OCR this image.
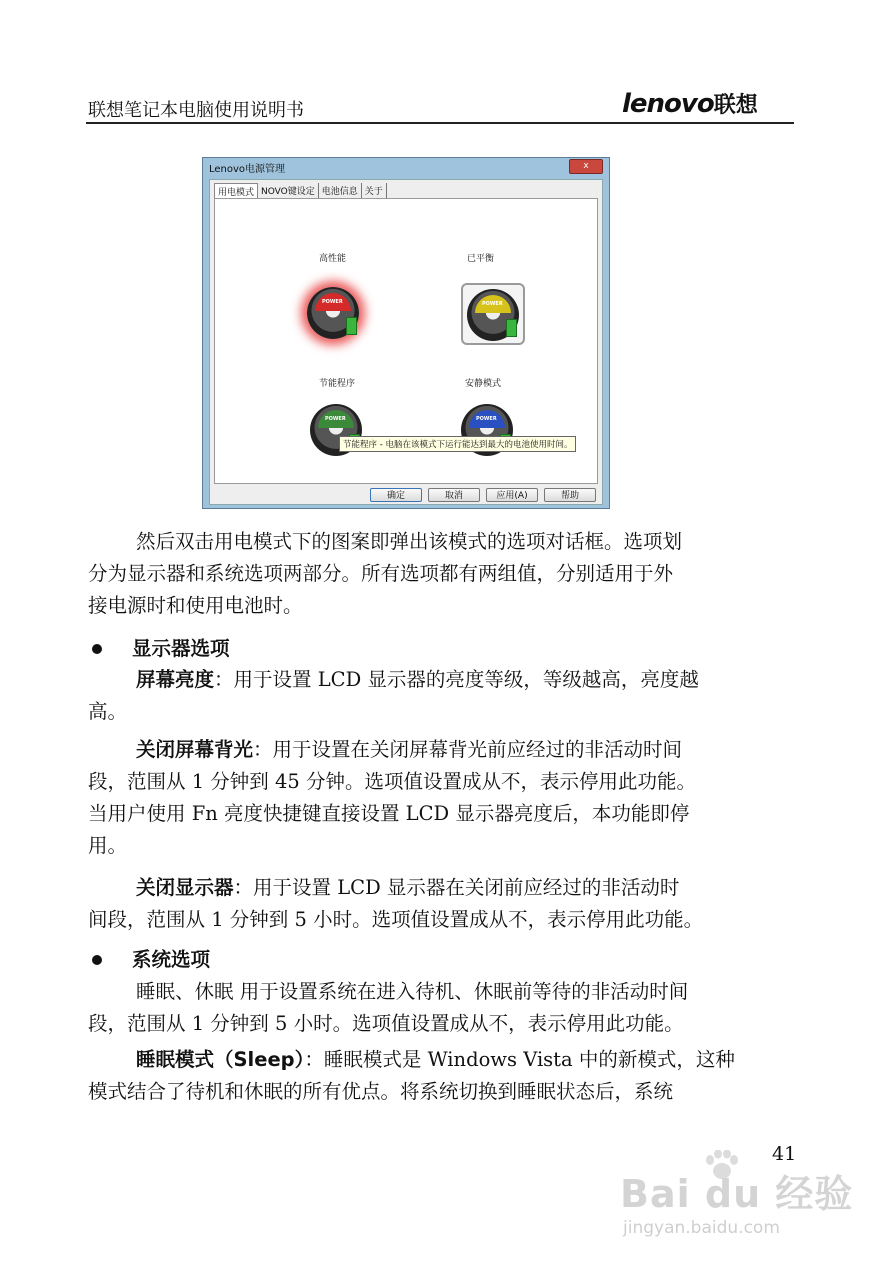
联想笔记本电脑使用说明书	lenovo联想
Lenovo电源管理	x
用电模式 NOVO键设定 电池信息 关于
高性能	已平衡
节能程序	安静模式
POWER	POWER
POWER	POWER
节能程序 - 电脑在该模式下运行能达到最大的电池使用时间。
确定	取消	应用(A)	帮助
然后双击用电模式下的图案即弹出该模式的选项对话框。选项划
分为显示器和系统选项两部分。所有选项都有两组值，分别适用于外
接电源时和使用电池时。
显示器选项
屏幕亮度：用于设置 LCD 显示器的亮度等级，等级越高，亮度越
高。
关闭屏幕背光：用于设置在关闭屏幕背光前应经过的非活动时间
段，范围从 1 分钟到 45 分钟。选项值设置成从不，表示停用此功能。
当用户使用 Fn 亮度快捷键直接设置 LCD 显示器亮度后，本功能即停
用。
关闭显示器：用于设置 LCD 显示器在关闭前应经过的非活动时
间段，范围从 1 分钟到 5 小时。选项值设置成从不，表示停用此功能。
系统选项
睡眠、休眠 用于设置系统在进入待机、休眠前等待的非活动时间
段，范围从 1 分钟到 5 小时。选项值设置成从不，表示停用此功能。
睡眠模式（Sleep）：睡眠模式是 Windows Vista 中的新模式，这种
模式结合了待机和休眠的所有优点。将系统切换到睡眠状态后，系统
41
Bai du 经验
jingyan.baidu.com
